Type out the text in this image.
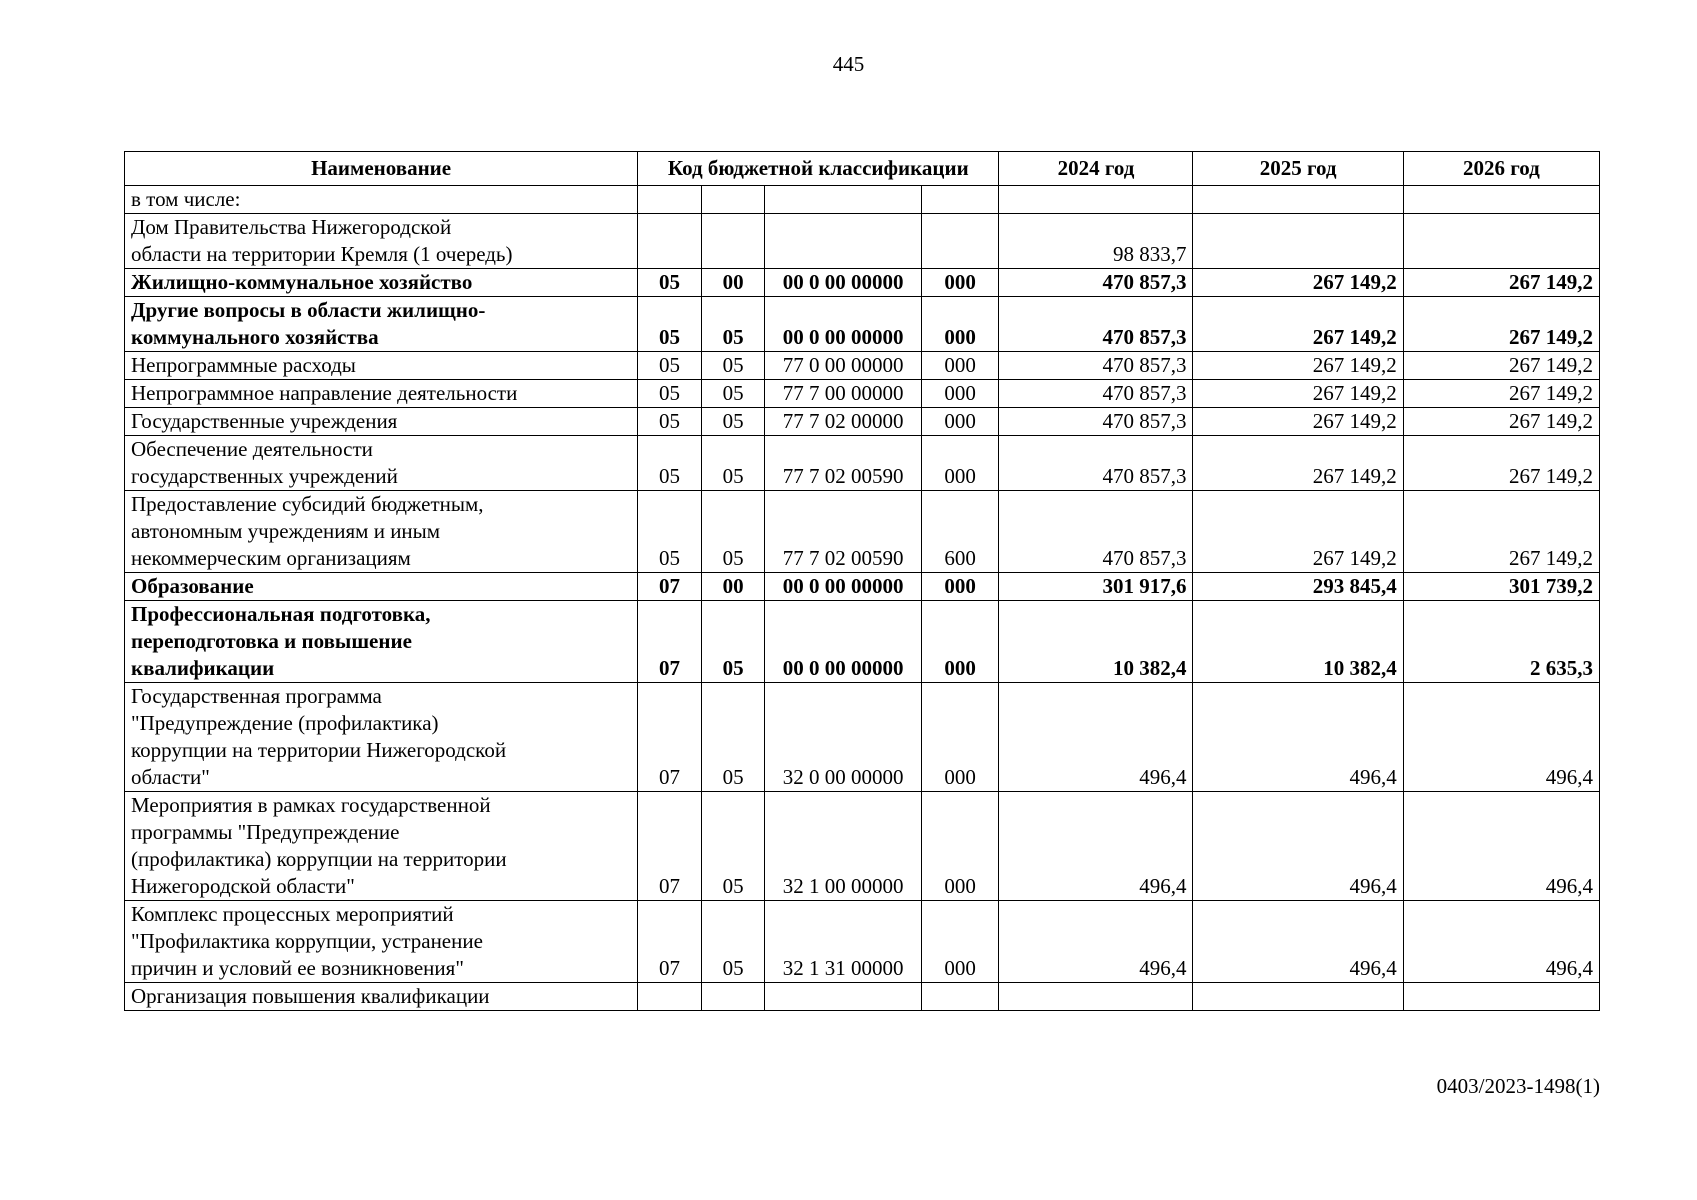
445
Наименование	Код бюджетной классификации				2024 год	2025 год	2026 год
в том числе:							
Дом Правительства Нижегородской
области на территории Кремля (1 очередь)					98 833,7		
Жилищно-коммунальное хозяйство	05	00	00 0 00 00000	000	470 857,3	267 149,2	267 149,2
Другие вопросы в области жилищно-
коммунального хозяйства	05	05	00 0 00 00000	000	470 857,3	267 149,2	267 149,2
Непрограммные расходы	05	05	77 0 00 00000	000	470 857,3	267 149,2	267 149,2
Непрограммное направление деятельности	05	05	77 7 00 00000	000	470 857,3	267 149,2	267 149,2
Государственные учреждения	05	05	77 7 02 00000	000	470 857,3	267 149,2	267 149,2
Обеспечение деятельности
государственных учреждений	05	05	77 7 02 00590	000	470 857,3	267 149,2	267 149,2
Предоставление субсидий бюджетным,
автономным учреждениям и иным
некоммерческим организациям	05	05	77 7 02 00590	600	470 857,3	267 149,2	267 149,2
Образование	07	00	00 0 00 00000	000	301 917,6	293 845,4	301 739,2
Профессиональная подготовка,
переподготовка и повышение
квалификации	07	05	00 0 00 00000	000	10 382,4	10 382,4	2 635,3
Государственная программа
"Предупреждение (профилактика)
коррупции на территории Нижегородской
области"	07	05	32 0 00 00000	000	496,4	496,4	496,4
Мероприятия в рамках государственной
программы "Предупреждение
(профилактика) коррупции на территории
Нижегородской области"	07	05	32 1 00 00000	000	496,4	496,4	496,4
Комплекс процессных мероприятий
"Профилактика коррупции, устранение
причин и условий ее возникновения"	07	05	32 1 31 00000	000	496,4	496,4	496,4
Организация повышения квалификации							
0403/2023-1498(1)
